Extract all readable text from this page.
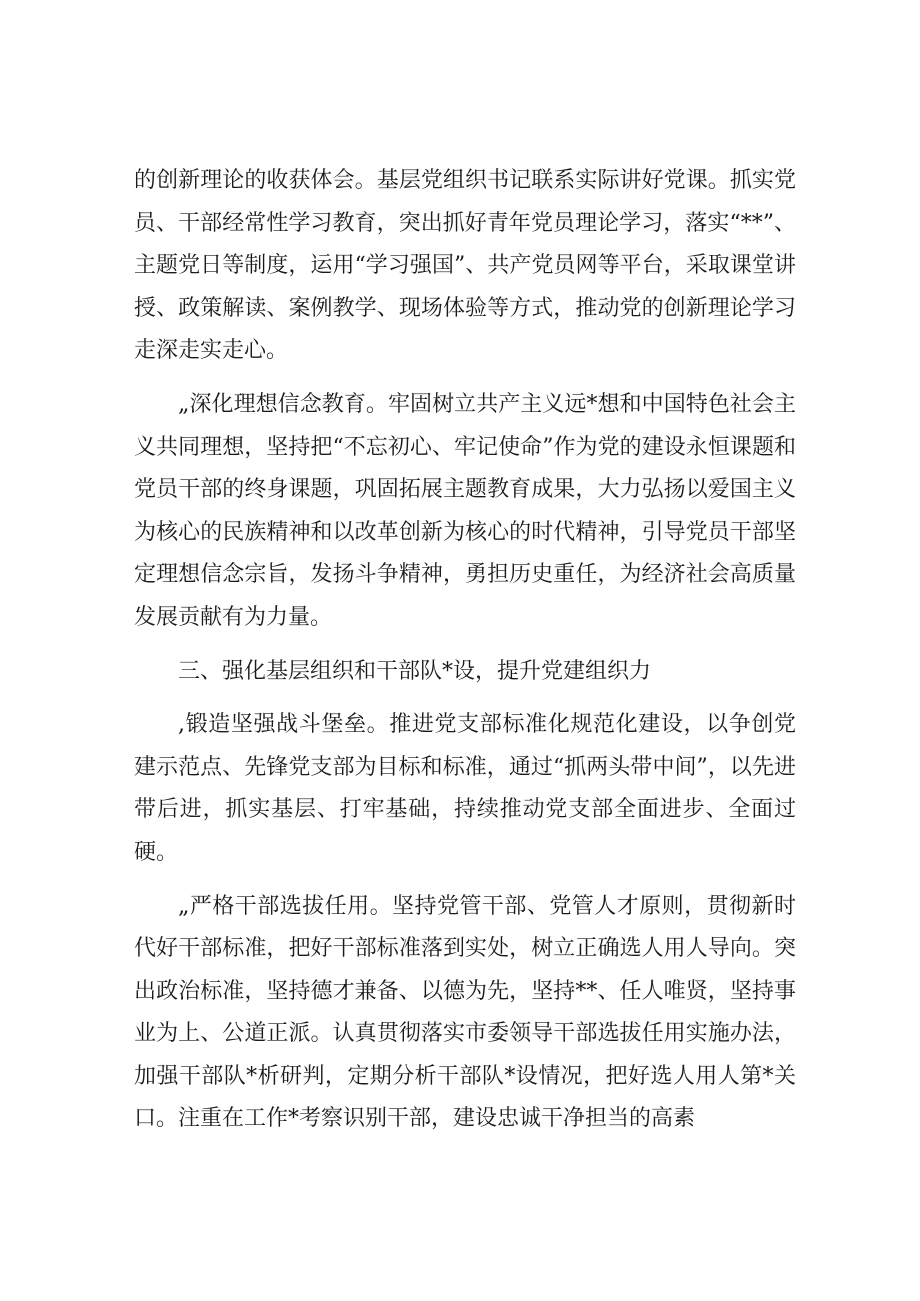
的创新理论的收获体会。基层党组织书记联系实际讲好党课。抓实党员、干部经常性学习教育，突出抓好青年党员理论学习，落实“**”、主题党日等制度，运用“学习强国”、共产党员网等平台，采取课堂讲授、政策解读、案例教学、现场体验等方式，推动党的创新理论学习走深走实走心。

„深化理想信念教育。牢固树立共产主义远*想和中国特色社会主义共同理想，坚持把“不忘初心、牢记使命”作为党的建设永恒课题和党员干部的终身课题，巩固拓展主题教育成果，大力弘扬以爱国主义为核心的民族精神和以改革创新为核心的时代精神，引导党员干部坚定理想信念宗旨，发扬斗争精神，勇担历史重任，为经济社会高质量发展贡献有为力量。

三、强化基层组织和干部队*设，提升党建组织力

,锻造坚强战斗堡垒。推进党支部标准化规范化建设，以争创党建示范点、先锋党支部为目标和标准，通过“抓两头带中间”，以先进带后进，抓实基层、打牢基础，持续推动党支部全面进步、全面过硬。

„严格干部选拔任用。坚持党管干部、党管人才原则，贯彻新时代好干部标准，把好干部标准落到实处，树立正确选人用人导向。突出政治标准，坚持德才兼备、以德为先，坚持**、任人唯贤，坚持事业为上、公道正派。认真贯彻落实市委领导干部选拔任用实施办法，加强干部队*析研判，定期分析干部队*设情况，把好选人用人第*关口。注重在工作*考察识别干部，建设忠诚干净担当的高素
